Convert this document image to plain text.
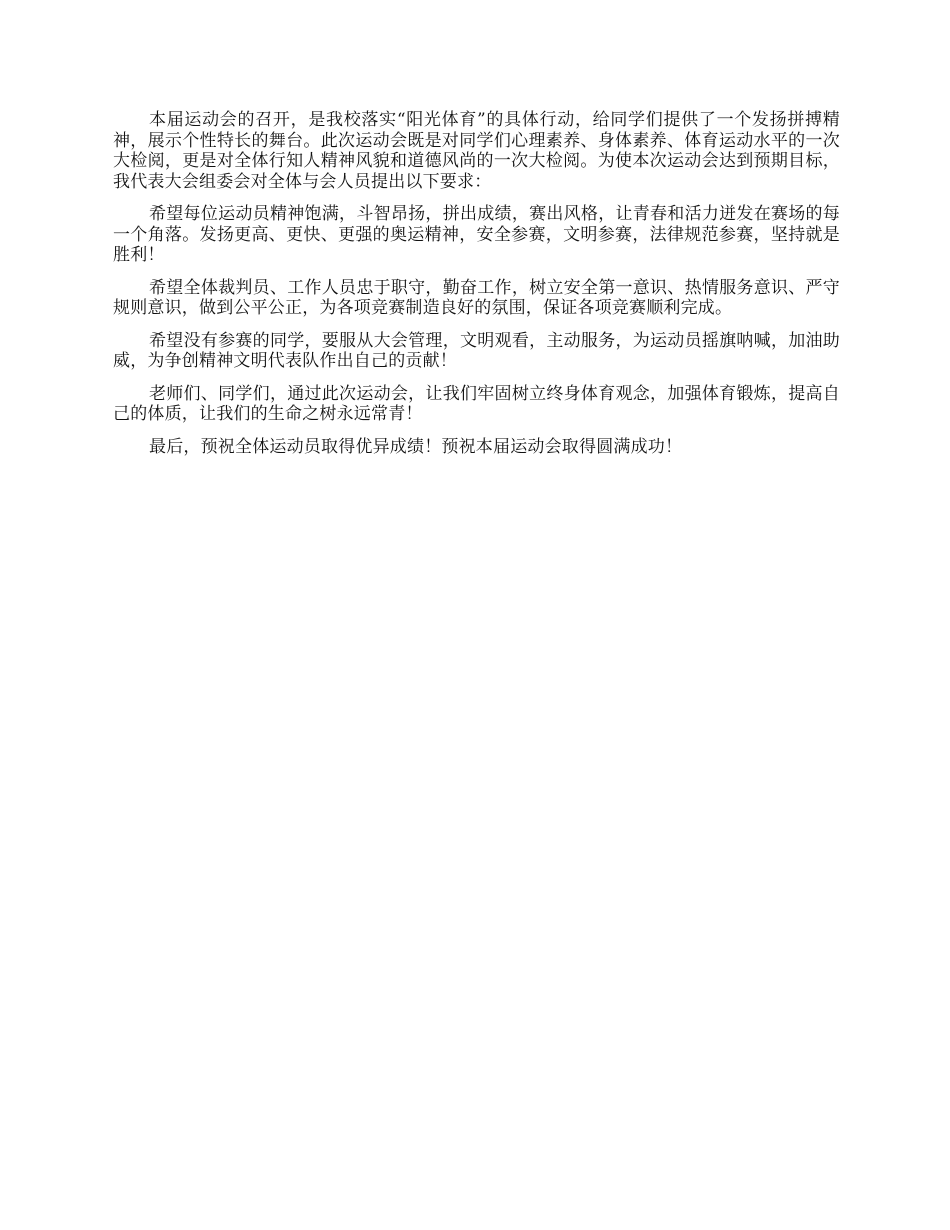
本届运动会的召开，是我校落实“阳光体育”的具体行动，给同学们提供了一个发扬拼搏精神，展示个性特长的舞台。此次运动会既是对同学们心理素养、身体素养、体育运动水平的一次大检阅，更是对全体行知人精神风貌和道德风尚的一次大检阅。为使本次运动会达到预期目标，我代表大会组委会对全体与会人员提出以下要求：

希望每位运动员精神饱满，斗智昂扬，拼出成绩，赛出风格，让青春和活力迸发在赛场的每一个角落。发扬更高、更快、更强的奥运精神，安全参赛，文明参赛，法律规范参赛，坚持就是胜利！

希望全体裁判员、工作人员忠于职守，勤奋工作，树立安全第一意识、热情服务意识、严守规则意识，做到公平公正，为各项竞赛制造良好的氛围，保证各项竞赛顺利完成。

希望没有参赛的同学，要服从大会管理，文明观看，主动服务，为运动员摇旗呐喊，加油助威，为争创精神文明代表队作出自己的贡献！

老师们、同学们，通过此次运动会，让我们牢固树立终身体育观念，加强体育锻炼，提高自己的体质，让我们的生命之树永远常青！

最后，预祝全体运动员取得优异成绩！预祝本届运动会取得圆满成功！
